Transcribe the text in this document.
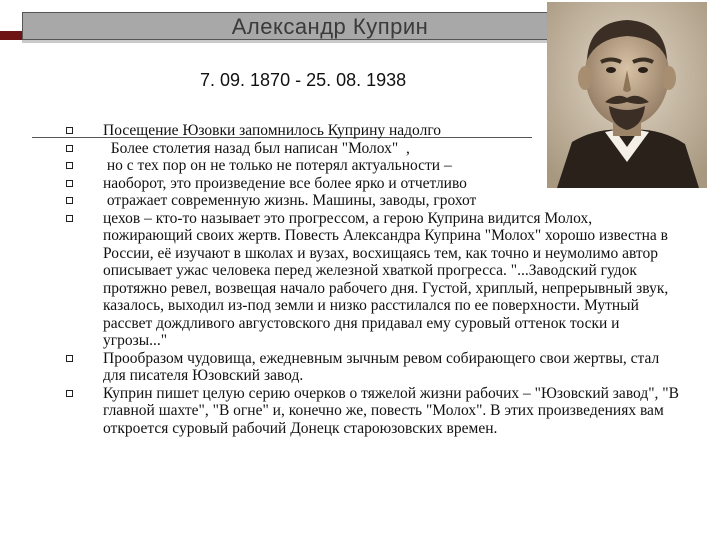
Александр Куприн
7. 09. 1870 - 25. 08. 1938
Посещение Юзовки запомнилось Куприну надолго
Более столетия назад был написан "Молох"  ,
но с тех пор он не только не потерял актуальности –
наоборот, это произведение все более ярко и отчетливо
отражает современную жизнь. Машины, заводы, грохот
цехов – кто-то называет это прогрессом, а герою Куприна видится Молох, пожирающий своих жертв. Повесть Александра Куприна "Молох" хорошо известна в России, её изучают в школах и вузах, восхищаясь тем, как точно и неумолимо автор описывает ужас человека перед железной хваткой прогресса. "...Заводский гудок протяжно ревел, возвещая начало рабочего дня. Густой, хриплый, непрерывный звук, казалось, выходил из-под земли и низко расстилался по ее поверхности. Мутный рассвет дождливого августовского дня придавал ему суровый оттенок тоски и угрозы..."
Прообразом чудовища, ежедневным зычным ревом собирающего свои жертвы, стал для писателя Юзовский завод.
Куприн пишет целую серию очерков о тяжелой жизни рабочих – "Юзовский завод", "В главной шахте", "В огне" и, конечно же, повесть "Молох". В этих произведениях вам откроется суровый рабочий Донецк староюзовских времен.
